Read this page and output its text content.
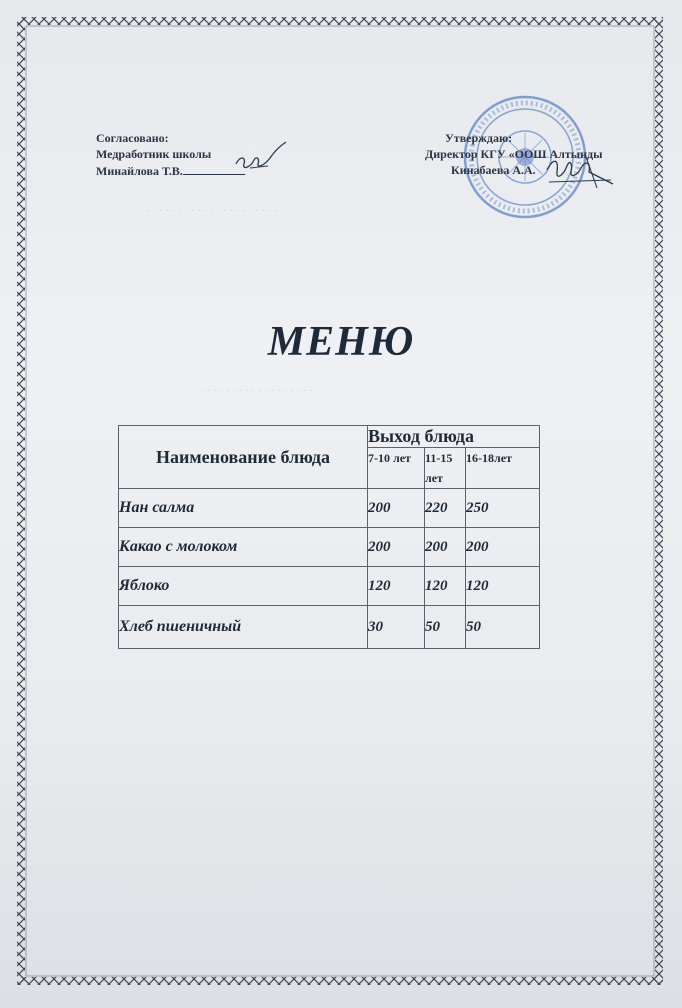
· · · · · · · · · · · · · · · · · · · · · ·
· · · · · · · · · · · · · · · · · ·
Согласовано:
Медработник школы
Минайлова Т.В.
Утверждаю:
Директор КГУ «ООШ Алтынды
Кинабаева А.А.
МЕНЮ
Наименование блюда	Выход блюда		
	7-10 лет	11-15 лет	16-18лет
Нан салма	200	220	250
Какао с молоком	200	200	200
Яблоко	120	120	120
Хлеб пшеничный	30	50	50
